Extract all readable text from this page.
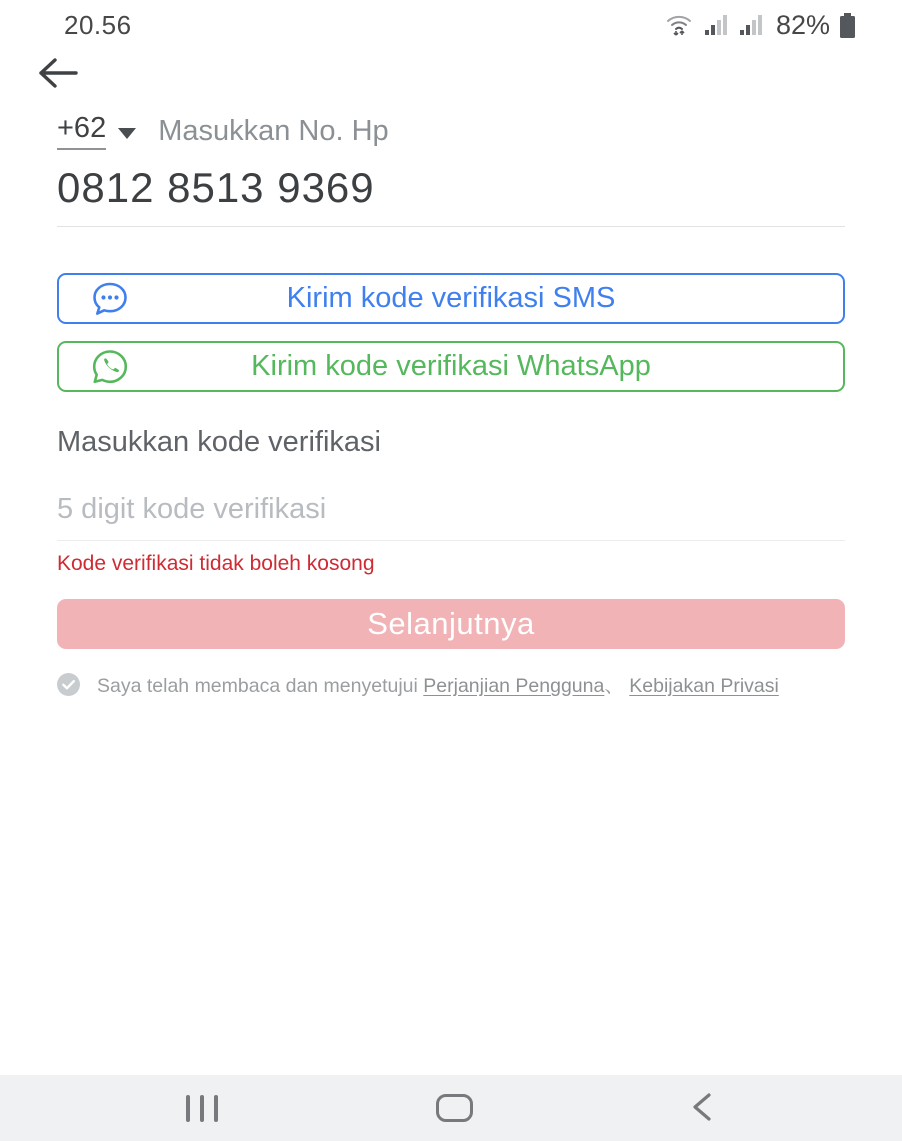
20.56	82%
+62 Masukkan No. Hp
0812 8513 9369
Kirim kode verifikasi SMS
Kirim kode verifikasi WhatsApp
Masukkan kode verifikasi
5 digit kode verifikasi
Kode verifikasi tidak boleh kosong
Selanjutnya
Saya telah membaca dan menyetujui Perjanjian Pengguna、 Kebijakan Privasi
